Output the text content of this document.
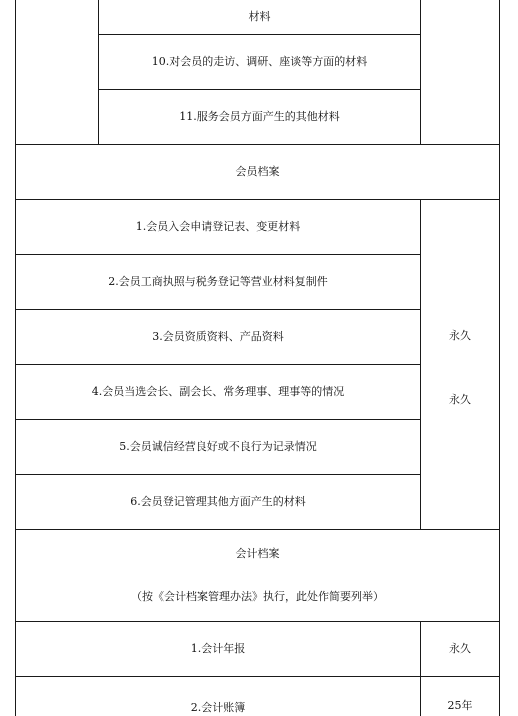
材料
10.对会员的走访、调研、座谈等方面的材料
11.服务会员方面产生的其他材料
会员档案
1.会员入会申请登记表、变更材料
2.会员工商执照与税务登记等营业材料复制件
3.会员资质资料、产品资料
4.会员当选会长、副会长、常务理事、理事等的情况
5.会员诚信经营良好或不良行为记录情况
6.会员登记管理其他方面产生的材料
永久
永久
会计档案
（按《会计档案管理办法》执行，此处作简要列举）
1.会计年报	永久
2.会计账簿	25年
